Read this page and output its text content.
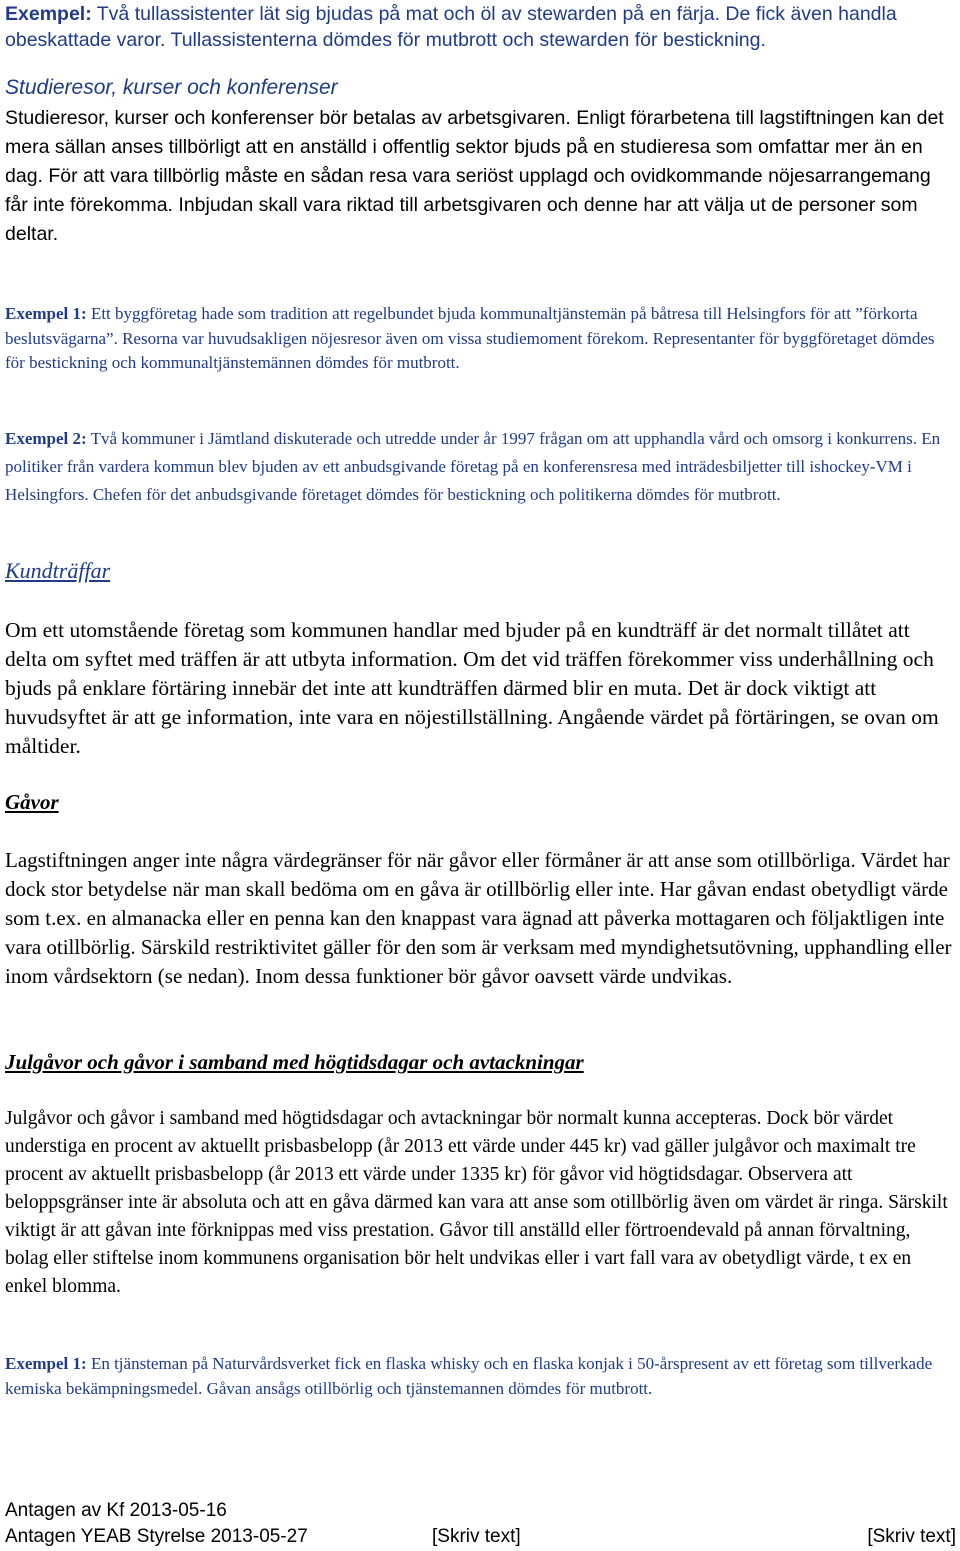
Exempel: Två tullassistenter lät sig bjudas på mat och öl av stewarden på en färja. De fick även handla obeskattade varor. Tullassistenterna dömdes för mutbrott och stewarden för bestickning.

Studieresor, kurser och konferenser

Studieresor, kurser och konferenser bör betalas av arbetsgivaren. Enligt förarbetena till lagstiftningen kan det mera sällan anses tillbörligt att en anställd i offentlig sektor bjuds på en studieresa som omfattar mer än en dag. För att vara tillbörlig måste en sådan resa vara seriöst upplagd och ovidkommande nöjesarrangemang får inte förekomma. Inbjudan skall vara riktad till arbetsgivaren och denne har att välja ut de personer som deltar.

Exempel 1: Ett byggföretag hade som tradition att regelbundet bjuda kommunaltjänstemän på båtresa till Helsingfors för att ”förkorta beslutsvägarna”. Resorna var huvudsakligen nöjesresor även om vissa studiemoment förekom. Representanter för byggföretaget dömdes för bestickning och kommunaltjänstemännen dömdes för mutbrott.

Exempel 2: Två kommuner i Jämtland diskuterade och utredde under år 1997 frågan om att upphandla vård och omsorg i konkurrens. En politiker från vardera kommun blev bjuden av ett anbudsgivande företag på en konferensresa med inträdesbiljetter till ishockey-VM i Helsingfors. Chefen för det anbudsgivande företaget dömdes för bestickning och politikerna dömdes för mutbrott.

Kundträffar

Om ett utomstående företag som kommunen handlar med bjuder på en kundträff är det normalt tillåtet att delta om syftet med träffen är att utbyta information. Om det vid träffen förekommer viss underhållning och bjuds på enklare förtäring innebär det inte att kundträffen därmed blir en muta. Det är dock viktigt att huvudsyftet är att ge information, inte vara en nöjestillställning. Angående värdet på förtäringen, se ovan om måltider.

Gåvor

Lagstiftningen anger inte några värdegränser för när gåvor eller förmåner är att anse som otillbörliga. Värdet har dock stor betydelse när man skall bedöma om en gåva är otillbörlig eller inte. Har gåvan endast obetydligt värde som t.ex. en almanacka eller en penna kan den knappast vara ägnad att påverka mottagaren och följaktligen inte vara otillbörlig. Särskild restriktivitet gäller för den som är verksam med myndighetsutövning, upphandling eller inom vårdsektorn (se nedan). Inom dessa funktioner bör gåvor oavsett värde undvikas.

Julgåvor och gåvor i samband med högtidsdagar och avtackningar

Julgåvor och gåvor i samband med högtidsdagar och avtackningar bör normalt kunna accepteras. Dock bör värdet understiga en procent av aktuellt prisbasbelopp (år 2013 ett värde under 445 kr) vad gäller julgåvor och maximalt tre procent av aktuellt prisbasbelopp (år 2013 ett värde under 1335 kr) för gåvor vid högtidsdagar. Observera att beloppsgränser inte är absoluta och att en gåva därmed kan vara att anse som otillbörlig även om värdet är ringa. Särskilt viktigt är att gåvan inte förknippas med viss prestation. Gåvor till anställd eller förtroendevald på annan förvaltning, bolag eller stiftelse inom kommunens organisation bör helt undvikas eller i vart fall vara av obetydligt värde, t ex en enkel blomma.

Exempel 1: En tjänsteman på Naturvårdsverket fick en flaska whisky och en flaska konjak i 50-årspresent av ett företag som tillverkade kemiska bekämpningsmedel. Gåvan ansågs otillbörlig och tjänstemannen dömdes för mutbrott.

Antagen av Kf 2013-05-16
Antagen YEAB Styrelse 2013-05-27	[Skriv text]	[Skriv text]
